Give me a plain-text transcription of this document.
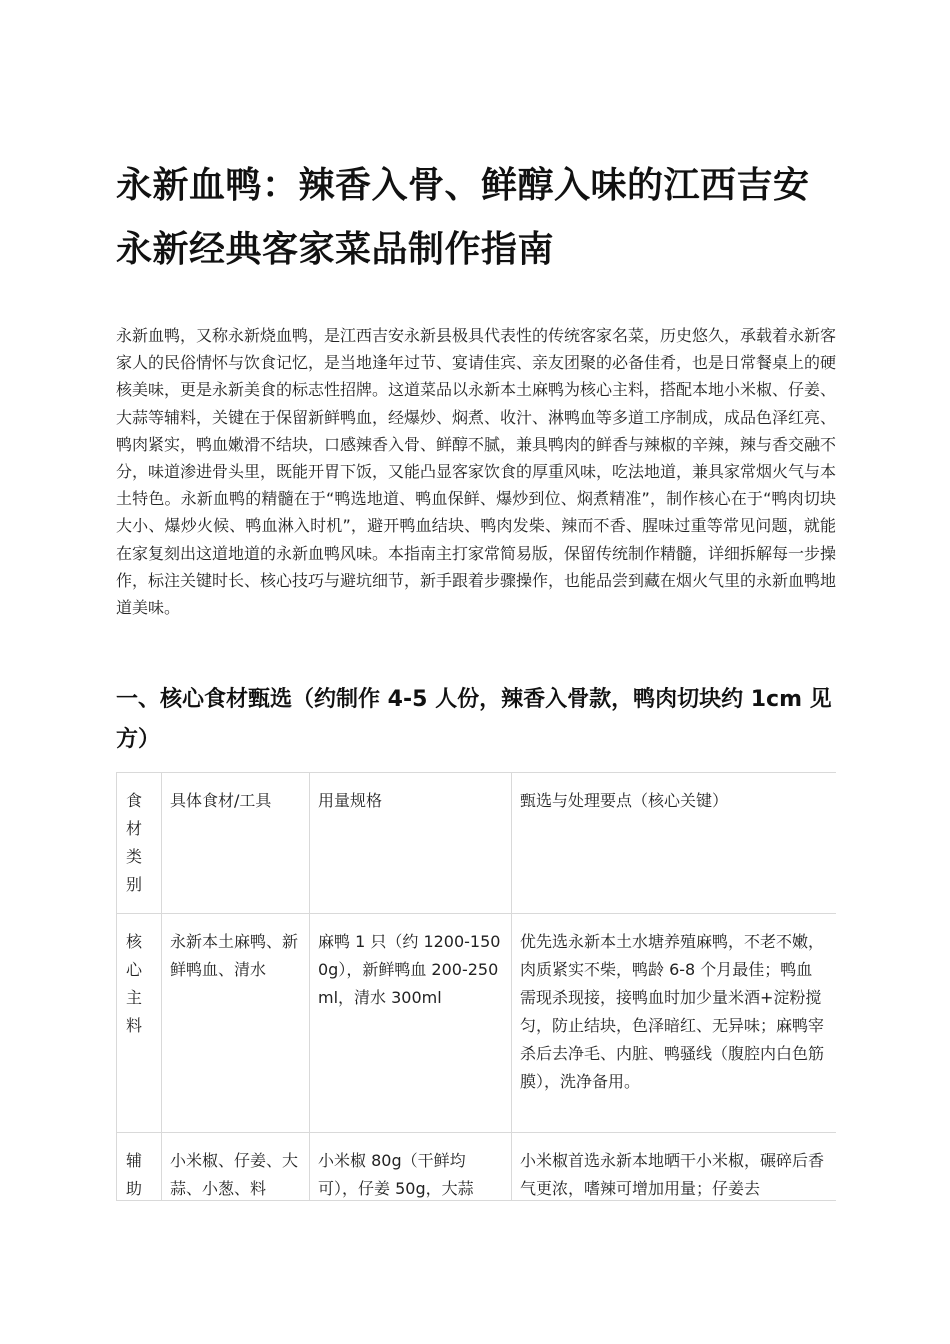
永新血鸭：辣香入骨、鲜醇入味的江西吉安永新经典客家菜品制作指南

永新血鸭，又称永新烧血鸭，是江西吉安永新县极具代表性的传统客家名菜，历史悠久，承载着永新客家人的民俗情怀与饮食记忆，是当地逢年过节、宴请佳宾、亲友团聚的必备佳肴，也是日常餐桌上的硬核美味，更是永新美食的标志性招牌。这道菜品以永新本土麻鸭为核心主料，搭配本地小米椒、仔姜、大蒜等辅料，关键在于保留新鲜鸭血，经爆炒、焖煮、收汁、淋鸭血等多道工序制成，成品色泽红亮、鸭肉紧实，鸭血嫩滑不结块，口感辣香入骨、鲜醇不腻，兼具鸭肉的鲜香与辣椒的辛辣，辣与香交融不分，味道渗进骨头里，既能开胃下饭，又能凸显客家饮食的厚重风味，吃法地道，兼具家常烟火气与本土特色。永新血鸭的精髓在于“鸭选地道、鸭血保鲜、爆炒到位、焖煮精准”，制作核心在于“鸭肉切块大小、爆炒火候、鸭血淋入时机”，避开鸭血结块、鸭肉发柴、辣而不香、腥味过重等常见问题，就能在家复刻出这道地道的永新血鸭风味。本指南主打家常简易版，保留传统制作精髓，详细拆解每一步操作，标注关键时长、核心技巧与避坑细节，新手跟着步骤操作，也能品尝到藏在烟火气里的永新血鸭地道美味。

一、核心食材甄选（约制作 4-5 人份，辣香入骨款，鸭肉切块约 1cm 见方）
食材类别	具体食材/工具	用量规格	甄选与处理要点（核心关键）
核心主料	永新本土麻鸭、新鲜鸭血、清水	麻鸭 1 只（约 1200-1500g），新鲜鸭血 200-250ml，清水 300ml	优先选永新本土水塘养殖麻鸭，不老不嫩，肉质紧实不柴，鸭龄 6-8 个月最佳；鸭血需现杀现接，接鸭血时加少量米酒+淀粉搅匀，防止结块，色泽暗红、无异味；麻鸭宰杀后去净毛、内脏、鸭骚线（腹腔内白色筋膜），洗净备用。
辅助	小米椒、仔姜、大蒜、小葱、料	小米椒 80g（干鲜均可），仔姜 50g，大蒜	小米椒首选永新本地晒干小米椒，碾碎后香气更浓，嗜辣可增加用量；仔姜去
